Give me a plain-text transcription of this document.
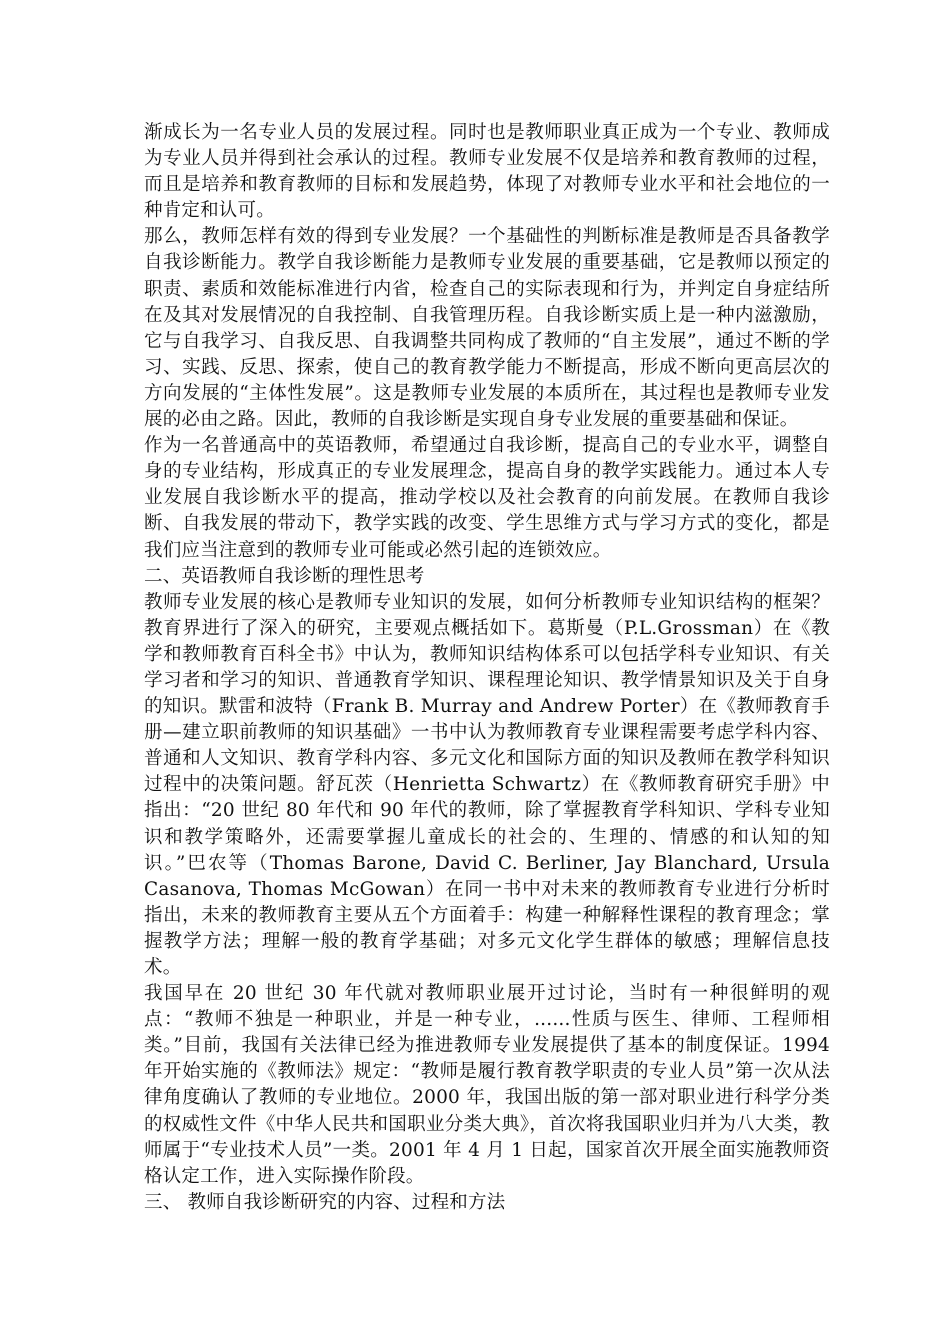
渐成长为一名专业人员的发展过程。同时也是教师职业真正成为一个专业、教师成为专业人员并得到社会承认的过程。教师专业发展不仅是培养和教育教师的过程，而且是培养和教育教师的目标和发展趋势，体现了对教师专业水平和社会地位的一种肯定和认可。

那么，教师怎样有效的得到专业发展？一个基础性的判断标准是教师是否具备教学自我诊断能力。教学自我诊断能力是教师专业发展的重要基础，它是教师以预定的职责、素质和效能标准进行内省，检查自己的实际表现和行为，并判定自身症结所在及其对发展情况的自我控制、自我管理历程。自我诊断实质上是一种内滋激励，它与自我学习、自我反思、自我调整共同构成了教师的“自主发展”，通过不断的学习、实践、反思、探索，使自己的教育教学能力不断提高，形成不断向更高层次的方向发展的“主体性发展”。这是教师专业发展的本质所在，其过程也是教师专业发展的必由之路。因此，教师的自我诊断是实现自身专业发展的重要基础和保证。

作为一名普通高中的英语教师，希望通过自我诊断，提高自己的专业水平，调整自身的专业结构，形成真正的专业发展理念，提高自身的教学实践能力。通过本人专业发展自我诊断水平的提高，推动学校以及社会教育的向前发展。在教师自我诊断、自我发展的带动下，教学实践的改变、学生思维方式与学习方式的变化，都是我们应当注意到的教师专业可能或必然引起的连锁效应。

二、英语教师自我诊断的理性思考

教师专业发展的核心是教师专业知识的发展，如何分析教师专业知识结构的框架？教育界进行了深入的研究，主要观点概括如下。葛斯曼（P.L.Grossman）在《教学和教师教育百科全书》中认为，教师知识结构体系可以包括学科专业知识、有关学习者和学习的知识、普通教育学知识、课程理论知识、教学情景知识及关于自身的知识。默雷和波特（Frank B. Murray and Andrew Porter）在《教师教育手册—建立职前教师的知识基础》一书中认为教师教育专业课程需要考虑学科内容、普通和人文知识、教育学科内容、多元文化和国际方面的知识及教师在教学科知识过程中的决策问题。舒瓦茨（Henrietta Schwartz）在《教师教育研究手册》中指出：“20 世纪 80 年代和 90 年代的教师，除了掌握教育学科知识、学科专业知识和教学策略外，还需要掌握儿童成长的社会的、生理的、情感的和认知的知识。”巴农等（Thomas Barone, David C. Berliner, Jay Blanchard, Ursula Casanova, Thomas McGowan）在同一书中对未来的教师教育专业进行分析时指出，未来的教师教育主要从五个方面着手：构建一种解释性课程的教育理念；掌握教学方法；理解一般的教育学基础；对多元文化学生群体的敏感；理解信息技术。

我国早在 20 世纪 30 年代就对教师职业展开过讨论，当时有一种很鲜明的观点：“教师不独是一种职业，并是一种专业，......性质与医生、律师、工程师相类。”目前，我国有关法律已经为推进教师专业发展提供了基本的制度保证。1994 年开始实施的《教师法》规定：“教师是履行教育教学职责的专业人员”第一次从法律角度确认了教师的专业地位。2000 年，我国出版的第一部对职业进行科学分类的权威性文件《中华人民共和国职业分类大典》，首次将我国职业归并为八大类，教师属于“专业技术人员”一类。2001 年 4 月 1 日起，国家首次开展全面实施教师资格认定工作，进入实际操作阶段。

三、 教师自我诊断研究的内容、过程和方法
